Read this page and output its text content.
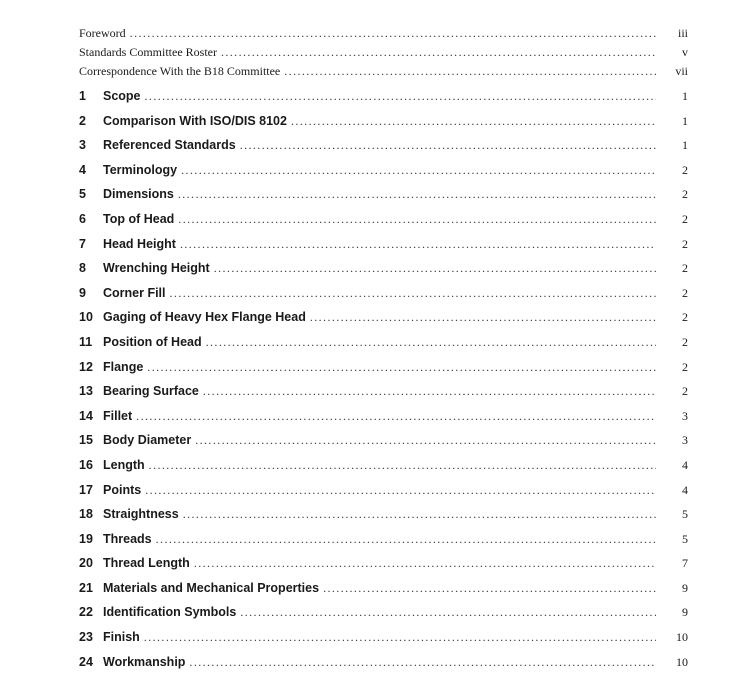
Foreword . . .	iii
Standards Committee Roster . . .	v
Correspondence With the B18 Committee . . .	vii
1	Scope . . .	1
2	Comparison With ISO/DIS 8102 . . .	1
3	Referenced Standards . . .	1
4	Terminology . . .	2
5	Dimensions . . .	2
6	Top of Head . . .	2
7	Head Height . . .	2
8	Wrenching Height . . .	2
9	Corner Fill . . .	2
10 Gaging of Heavy Hex Flange Head . . .	2
11 Position of Head . . .	2
12 Flange . . .	2
13 Bearing Surface . . .	2
14 Fillet . . .	3
15 Body Diameter . . .	3
16 Length . . .	4
17 Points . . .	4
18 Straightness . . .	5
19 Threads . . .	5
20 Thread Length . . .	7
21 Materials and Mechanical Properties . . .	9
22 Identification Symbols . . .	9
23 Finish . . .	10
24 Workmanship . . .	10
